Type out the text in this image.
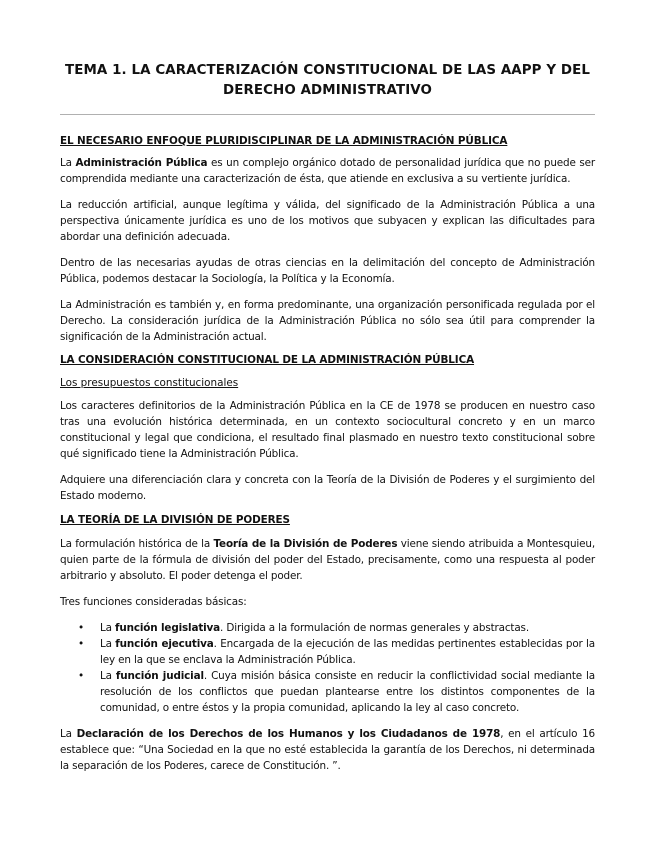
TEMA 1. LA CARACTERIZACIÓN CONSTITUCIONAL DE LAS AAPP Y DEL DERECHO ADMINISTRATIVO

EL NECESARIO ENFOQUE PLURIDISCIPLINAR DE LA ADMINISTRACIÓN PÚBLICA

La Administración Pública es un complejo orgánico dotado de personalidad jurídica que no puede ser comprendida mediante una caracterización de ésta, que atiende en exclusiva a su vertiente jurídica.

La reducción artificial, aunque legítima y válida, del significado de la Administración Pública a una perspectiva únicamente jurídica es uno de los motivos que subyacen y explican las dificultades para abordar una definición adecuada.

Dentro de las necesarias ayudas de otras ciencias en la delimitación del concepto de Administración Pública, podemos destacar la Sociología, la Política y la Economía.

La Administración es también y, en forma predominante, una organización personificada regulada por el Derecho. La consideración jurídica de la Administración Pública no sólo sea útil para comprender la significación de la Administración actual.

LA CONSIDERACIÓN CONSTITUCIONAL DE LA ADMINISTRACIÓN PÚBLICA

Los presupuestos constitucionales

Los caracteres definitorios de la Administración Pública en la CE de 1978 se producen en nuestro caso tras una evolución histórica determinada, en un contexto sociocultural concreto y en un marco constitucional y legal que condiciona, el resultado final plasmado en nuestro texto constitucional sobre qué significado tiene la Administración Pública.

Adquiere una diferenciación clara y concreta con la Teoría de la División de Poderes y el surgimiento del Estado moderno.

LA TEORÍA DE LA DIVISIÓN DE PODERES

La formulación histórica de la Teoría de la División de Poderes viene siendo atribuida a Montesquieu, quien parte de la fórmula de división del poder del Estado, precisamente, como una respuesta al poder arbitrario y absoluto. El poder detenga el poder.

Tres funciones consideradas básicas:

• La función legislativa. Dirigida a la formulación de normas generales y abstractas.
• La función ejecutiva. Encargada de la ejecución de las medidas pertinentes establecidas por la ley en la que se enclava la Administración Pública.
• La función judicial. Cuya misión básica consiste en reducir la conflictividad social mediante la resolución de los conflictos que puedan plantearse entre los distintos componentes de la comunidad, o entre éstos y la propia comunidad, aplicando la ley al caso concreto.

La Declaración de los Derechos de los Humanos y los Ciudadanos de 1978, en el artículo 16 establece que: “Una Sociedad en la que no esté establecida la garantía de los Derechos, ni determinada la separación de los Poderes, carece de Constitución. ”.
